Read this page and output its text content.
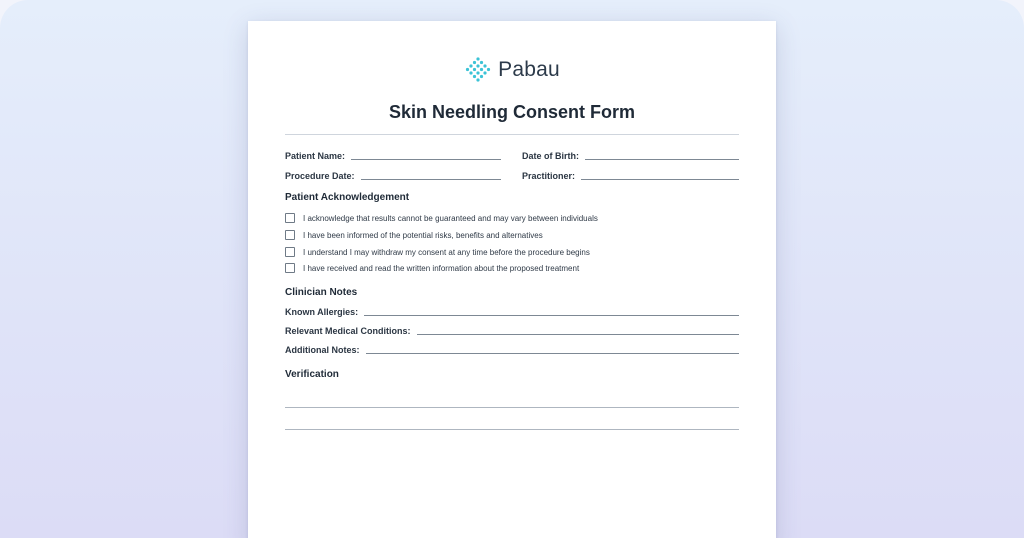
Pabau
Skin Needling Consent Form
Patient Name:	Date of Birth:
Procedure Date:	Practitioner:
Patient Acknowledgement
I acknowledge that results cannot be guaranteed and may vary between individuals
I have been informed of the potential risks, benefits and alternatives
I understand I may withdraw my consent at any time before the procedure begins
I have received and read the written information about the proposed treatment
Clinician Notes
Known Allergies:
Relevant Medical Conditions:
Additional Notes:
Verification
